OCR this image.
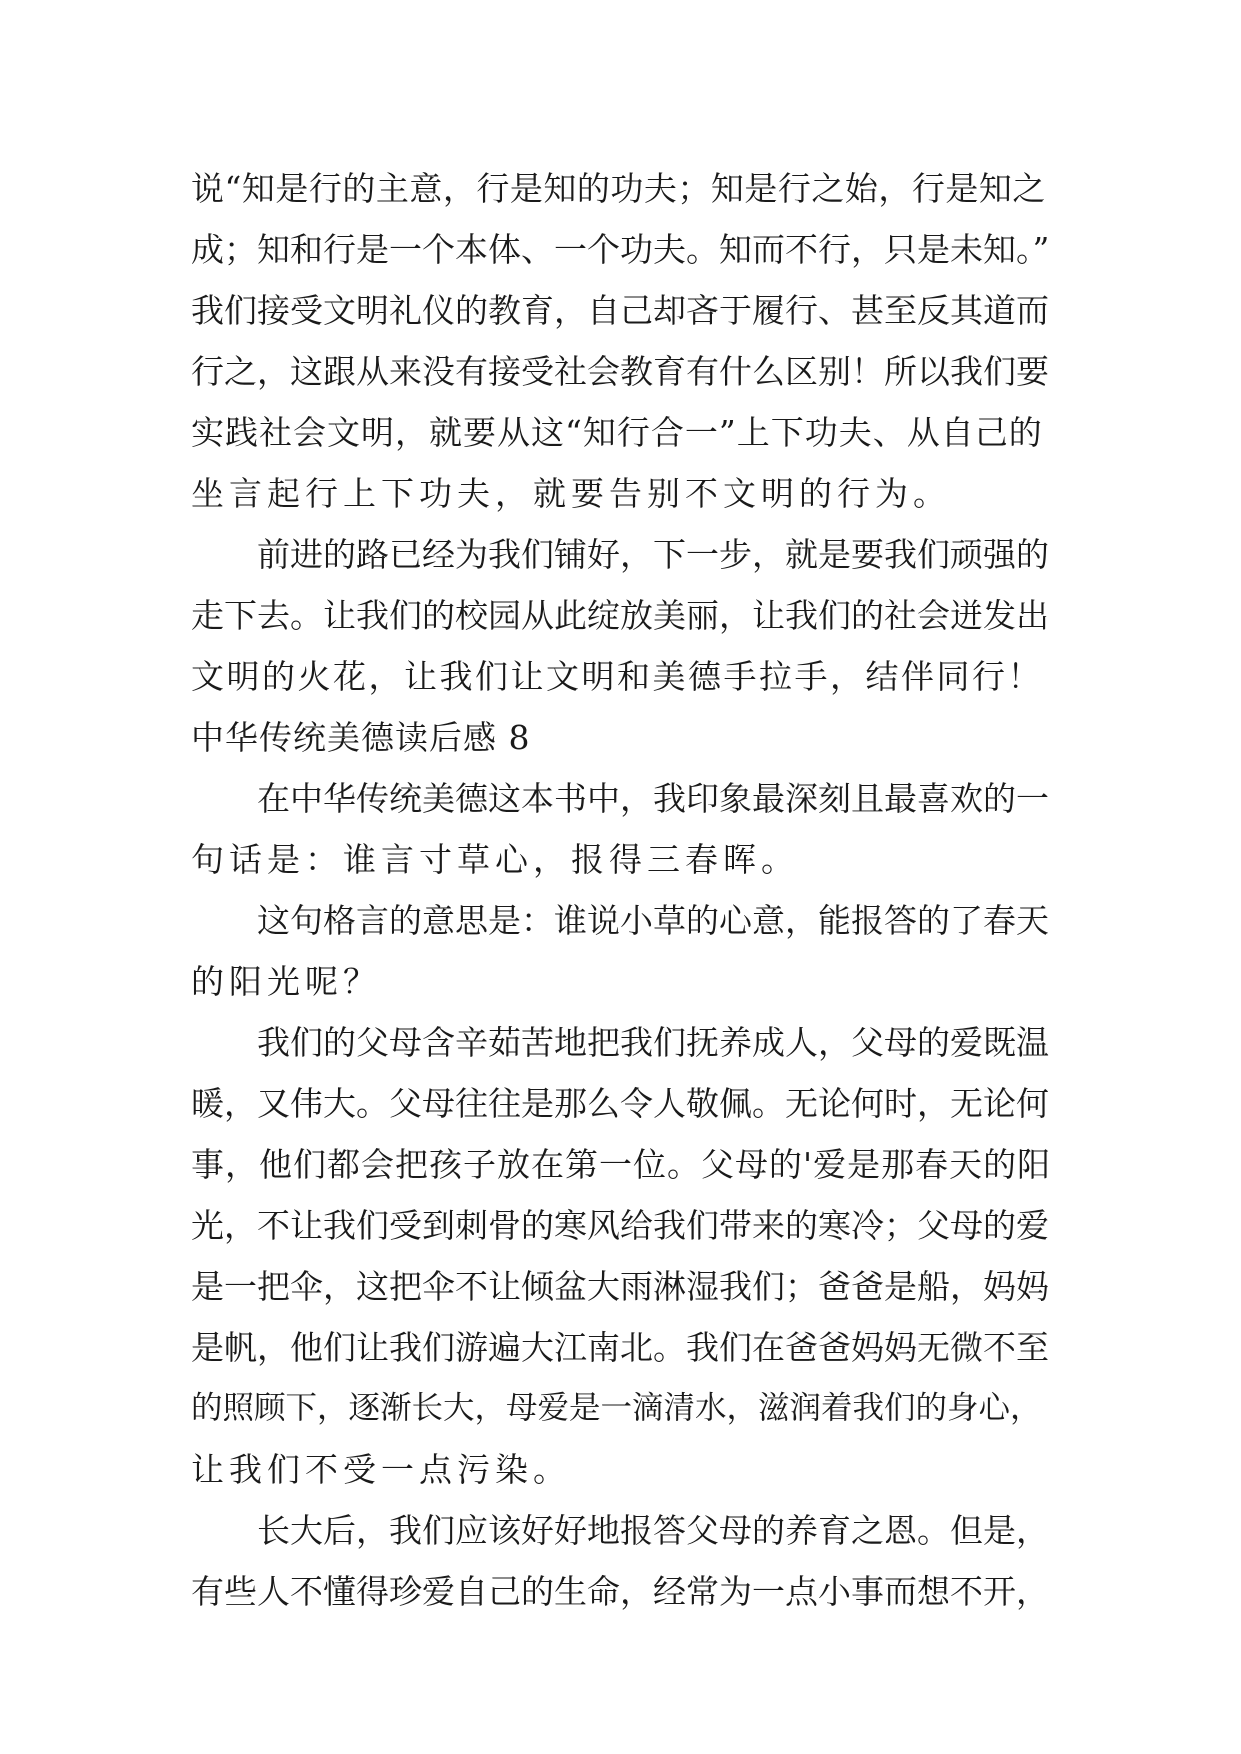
说“知是行的主意，行是知的功夫；知是行之始，行是知之
成；知和行是一个本体、一个功夫。知而不行，只是未知。”
我们接受文明礼仪的教育，自己却吝于履行、甚至反其道而
行之，这跟从来没有接受社会教育有什么区别！所以我们要
实践社会文明，就要从这“知行合一”上下功夫、从自己的
坐言起行上下功夫，就要告别不文明的行为。
前进的路已经为我们铺好，下一步，就是要我们顽强的
走下去。让我们的校园从此绽放美丽，让我们的社会迸发出
文明的火花，让我们让文明和美德手拉手，结伴同行！
中华传统美德读后感 8
在中华传统美德这本书中，我印象最深刻且最喜欢的一
句话是：谁言寸草心，报得三春晖。
这句格言的意思是：谁说小草的心意，能报答的了春天
的阳光呢？
我们的父母含辛茹苦地把我们抚养成人，父母的爱既温
暖，又伟大。父母往往是那么令人敬佩。无论何时，无论何
事，他们都会把孩子放在第一位。父母的'爱是那春天的阳
光，不让我们受到刺骨的寒风给我们带来的寒冷；父母的爱
是一把伞，这把伞不让倾盆大雨淋湿我们；爸爸是船，妈妈
是帆，他们让我们游遍大江南北。我们在爸爸妈妈无微不至
的照顾下，逐渐长大，母爱是一滴清水，滋润着我们的身心，
让我们不受一点污染。
长大后，我们应该好好地报答父母的养育之恩。但是，
有些人不懂得珍爱自己的生命，经常为一点小事而想不开，
